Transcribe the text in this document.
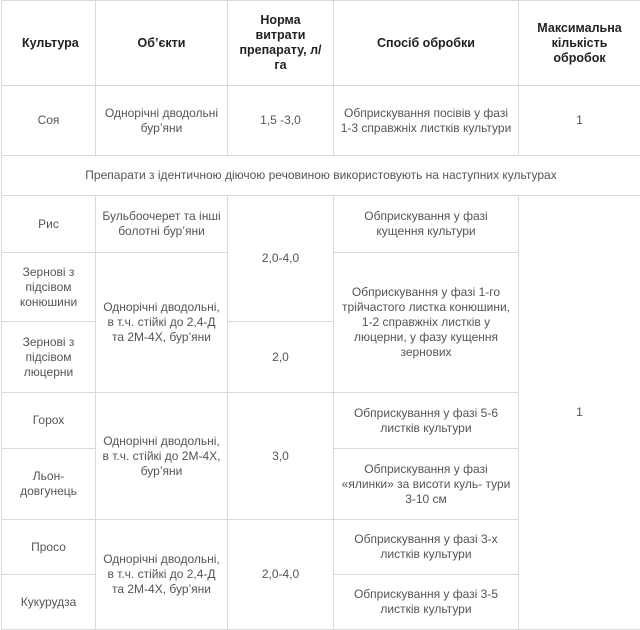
Культура	Об’єкти	Норма витрати препарату, л/га	Спосіб обробки	Максимальна кількість обробок
Соя	Однорічні дводольні бур’яни	1,5 -3,0	Обприскування посівів у фазі 1-3 справжніх листків культури	1
Препарати з ідентичною діючою речовиною використовують на наступних культурах				
Рис	Бульбоочерет та інші болотні бур’яни	2,0-4,0	Обприскування у фазі кущення культури	1
Зернові з підсівом конюшини	Однорічні дводольні, в т.ч. стійкі до 2,4-Д та 2М-4Х, бур’яни		Обприскування у фазі 1-го трійчастого листка конюшини, 1-2 справжніх листків у люцерни, у фазу кущення зернових	
Зернові з підсівом люцерни		2,0		
Горох	Однорічні дводольні, в т.ч. стійкі до 2М-4Х, бур’яни	3,0	Обприскування у фазі 5-6 листків культури	
Льон-довгунець			Обприскування у фазі «ялинки» за висоти куль- тури 3-10 см	
Просо	Однорічні дводольні, в т.ч. стійкі до 2,4-Д та 2М-4Х, бур’яни	2,0-4,0	Обприскування у фазі 3-х листків культури	
Кукурудза			Обприскування у фазі 3-5 листків культури	
